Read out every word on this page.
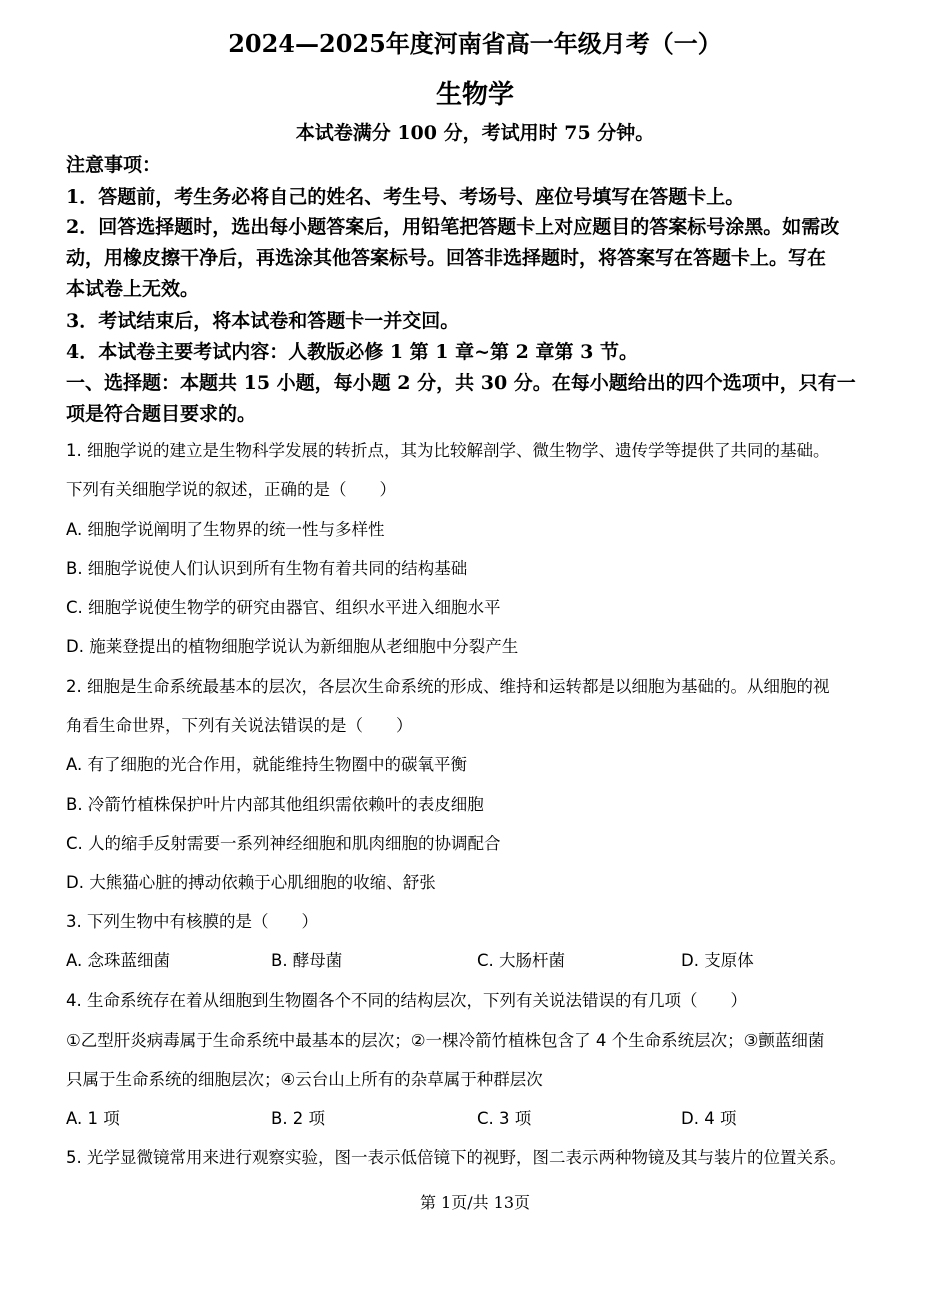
2024—2025年度河南省高一年级月考（一）
生物学
本试卷满分 100 分，考试用时 75 分钟。
注意事项：
1．答题前，考生务必将自己的姓名、考生号、考场号、座位号填写在答题卡上。
2．回答选择题时，选出每小题答案后，用铅笔把答题卡上对应题目的答案标号涂黑。如需改
动，用橡皮擦干净后，再选涂其他答案标号。回答非选择题时，将答案写在答题卡上。写在
本试卷上无效。
3．考试结束后，将本试卷和答题卡一并交回。
4．本试卷主要考试内容：人教版必修 1 第 1 章~第 2 章第 3 节。
一、选择题：本题共 15 小题，每小题 2 分，共 30 分。在每小题给出的四个选项中，只有一
项是符合题目要求的。
1. 细胞学说的建立是生物科学发展的转折点，其为比较解剖学、微生物学、遗传学等提供了共同的基础。
下列有关细胞学说的叙述，正确的是（　　）
A. 细胞学说阐明了生物界的统一性与多样性
B. 细胞学说使人们认识到所有生物有着共同的结构基础
C. 细胞学说使生物学的研究由器官、组织水平进入细胞水平
D. 施莱登提出的植物细胞学说认为新细胞从老细胞中分裂产生
2. 细胞是生命系统最基本的层次，各层次生命系统的形成、维持和运转都是以细胞为基础的。从细胞的视
角看生命世界，下列有关说法错误的是（　　）
A. 有了细胞的光合作用，就能维持生物圈中的碳氧平衡
B. 冷箭竹植株保护叶片内部其他组织需依赖叶的表皮细胞
C. 人的缩手反射需要一系列神经细胞和肌肉细胞的协调配合
D. 大熊猫心脏的搏动依赖于心肌细胞的收缩、舒张
3. 下列生物中有核膜的是（　　）
A. 念珠蓝细菌	B. 酵母菌	C. 大肠杆菌	D. 支原体
4. 生命系统存在着从细胞到生物圈各个不同的结构层次，下列有关说法错误的有几项（　　）
①乙型肝炎病毒属于生命系统中最基本的层次；②一棵冷箭竹植株包含了 4 个生命系统层次；③颤蓝细菌
只属于生命系统的细胞层次；④云台山上所有的杂草属于种群层次
A. 1 项	B. 2 项	C. 3 项	D. 4 项
5. 光学显微镜常用来进行观察实验，图一表示低倍镜下的视野，图二表示两种物镜及其与装片的位置关系。
第 1页/共 13页
